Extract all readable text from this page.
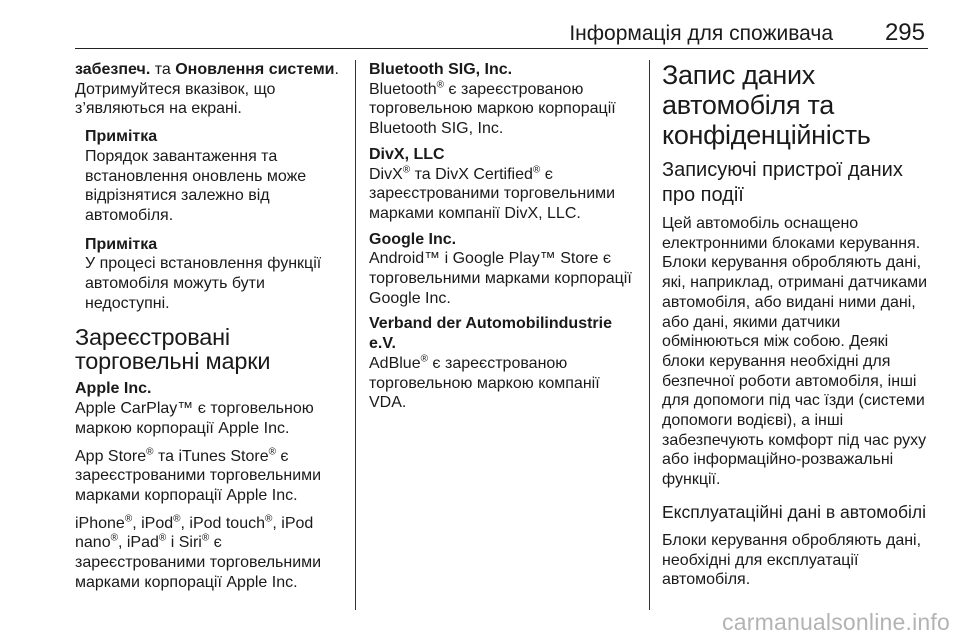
Інформація для споживача 295

забезпеч. та Оновлення системи. Дотримуйтеся вказівок, що з’являються на екрані.

Примітка
Порядок завантаження та встановлення оновлень може відрізнятися залежно від автомобіля.
Примітка
У процесі встановлення функції автомобіля можуть бути недоступні.
Зареєстровані
торговельні марки
Apple Inc.

Apple CarPlay™ є торговельною маркою корпорації Apple Inc.

App Store® та iTunes Store® є зареєстрованими торговельними марками корпорації Apple Inc.

iPhone®, iPod®, iPod touch®, iPod nano®, iPad® і Siri® є зареєстрованими торговельними марками корпорації Apple Inc.

Bluetooth SIG, Inc.
Bluetooth® є зареєстрованою торговельною маркою корпорації Bluetooth SIG, Inc.
DivX, LLC
DivX® та DivX Certified® є зареєстрованими торговельними марками компанії DivX, LLC.
Google Inc.
Android™ і Google Play™ Store є торговельними марками корпорації Google Inc.
Verband der Automobilindustrie e.V.
AdBlue® є зареєстрованою торговельною маркою компанії VDA.
Запис даних
автомобіля та
конфіденційність
Записуючі пристрої даних про події

Цей автомобіль оснащено електронними блоками керування. Блоки керування обробляють дані, які, наприклад, отримані датчиками автомобіля, або видані ними дані, або дані, якими датчики обмінюються між собою. Деякі блоки керування необхідні для безпечної роботи автомобіля, інші для допомоги під час їзди (системи допомоги водієві), а інші забезпечують комфорт під час руху або інформаційно-розважальні функції.

Експлуатаційні дані в автомобілі

Блоки керування обробляють дані, необхідні для експлуатації автомобіля.

carmanualsonline.info
